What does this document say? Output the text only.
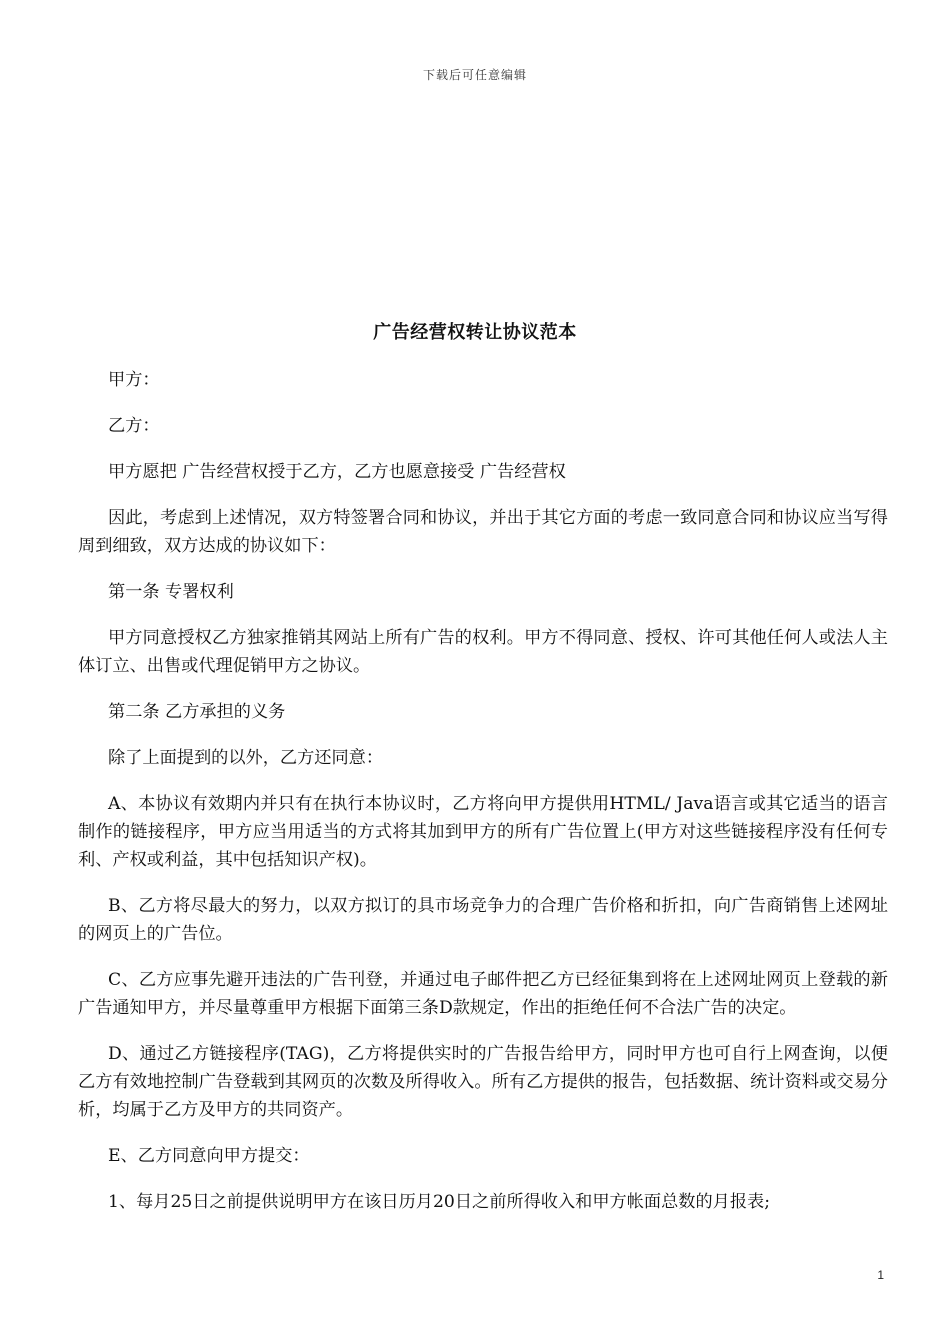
下载后可任意编辑
广告经营权转让协议范本

甲方：

乙方：

甲方愿把 广告经营权授于乙方，乙方也愿意接受 广告经营权

因此，考虑到上述情况，双方特签署合同和协议，并出于其它方面的考虑一致同意合同和协议应当写得周到细致，双方达成的协议如下：

第一条 专署权利

甲方同意授权乙方独家推销其网站上所有广告的权利。甲方不得同意、授权、许可其他任何人或法人主体订立、出售或代理促销甲方之协议。

第二条 乙方承担的义务

除了上面提到的以外，乙方还同意：

A、本协议有效期内并只有在执行本协议时，乙方将向甲方提供用HTML/ Java语言或其它适当的语言制作的链接程序，甲方应当用适当的方式将其加到甲方的所有广告位置上(甲方对这些链接程序没有任何专利、产权或利益，其中包括知识产权)。

B、乙方将尽最大的努力，以双方拟订的具市场竞争力的合理广告价格和折扣，向广告商销售上述网址的网页上的广告位。

C、乙方应事先避开违法的广告刊登，并通过电子邮件把乙方已经征集到将在上述网址网页上登载的新广告通知甲方，并尽量尊重甲方根据下面第三条D款规定，作出的拒绝任何不合法广告的决定。

D、通过乙方链接程序(TAG)，乙方将提供实时的广告报告给甲方，同时甲方也可自行上网查询，以便乙方有效地控制广告登载到其网页的次数及所得收入。所有乙方提供的报告，包括数据、统计资料或交易分析，均属于乙方及甲方的共同资产。

E、乙方同意向甲方提交：

1、每月25日之前提供说明甲方在该日历月20日之前所得收入和甲方帐面总数的月报表;

1
